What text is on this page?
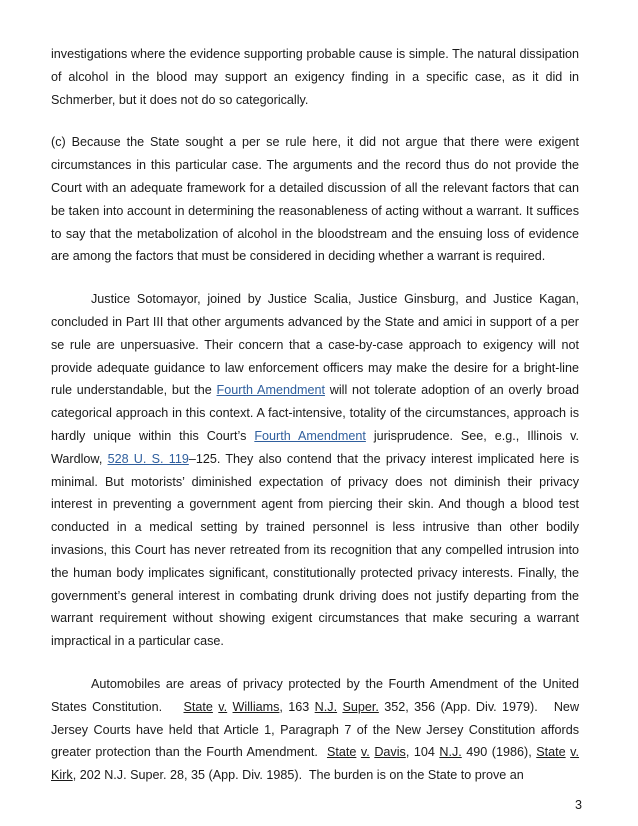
investigations where the evidence supporting probable cause is simple. The natural dissipation of alcohol in the blood may support an exigency finding in a specific case, as it did in Schmerber, but it does not do so categorically.

(c) Because the State sought a per se rule here, it did not argue that there were exigent circumstances in this particular case. The arguments and the record thus do not provide the Court with an adequate framework for a detailed discussion of all the relevant factors that can be taken into account in determining the reasonableness of acting without a warrant. It suffices to say that the metabolization of alcohol in the bloodstream and the ensuing loss of evidence are among the factors that must be considered in deciding whether a warrant is required.

Justice Sotomayor, joined by Justice Scalia, Justice Ginsburg, and Justice Kagan, concluded in Part III that other arguments advanced by the State and amici in support of a per se rule are unpersuasive. Their concern that a case-by-case approach to exigency will not provide adequate guidance to law enforcement officers may make the desire for a bright-line rule understandable, but the Fourth Amendment will not tolerate adoption of an overly broad categorical approach in this context. A fact-intensive, totality of the circumstances, approach is hardly unique within this Court’s Fourth Amendment jurisprudence. See, e.g., Illinois v. Wardlow, 528 U. S. 119–125. They also contend that the privacy interest implicated here is minimal. But motorists’ diminished expectation of privacy does not diminish their privacy interest in preventing a government agent from piercing their skin. And though a blood test conducted in a medical setting by trained personnel is less intrusive than other bodily invasions, this Court has never retreated from its recognition that any compelled intrusion into the human body implicates significant, constitutionally protected privacy interests. Finally, the government’s general interest in combating drunk driving does not justify departing from the warrant requirement without showing exigent circumstances that make securing a warrant impractical in a particular case.

Automobiles are areas of privacy protected by the Fourth Amendment of the United States Constitution.    State v. Williams, 163 N.J. Super. 352, 356 (App. Div. 1979).   New Jersey Courts have held that Article 1, Paragraph 7 of the New Jersey Constitution affords greater protection than the Fourth Amendment.  State v. Davis, 104 N.J. 490 (1986), State v. Kirk, 202 N.J. Super. 28, 35 (App. Div. 1985).  The burden is on the State to prove an

3
